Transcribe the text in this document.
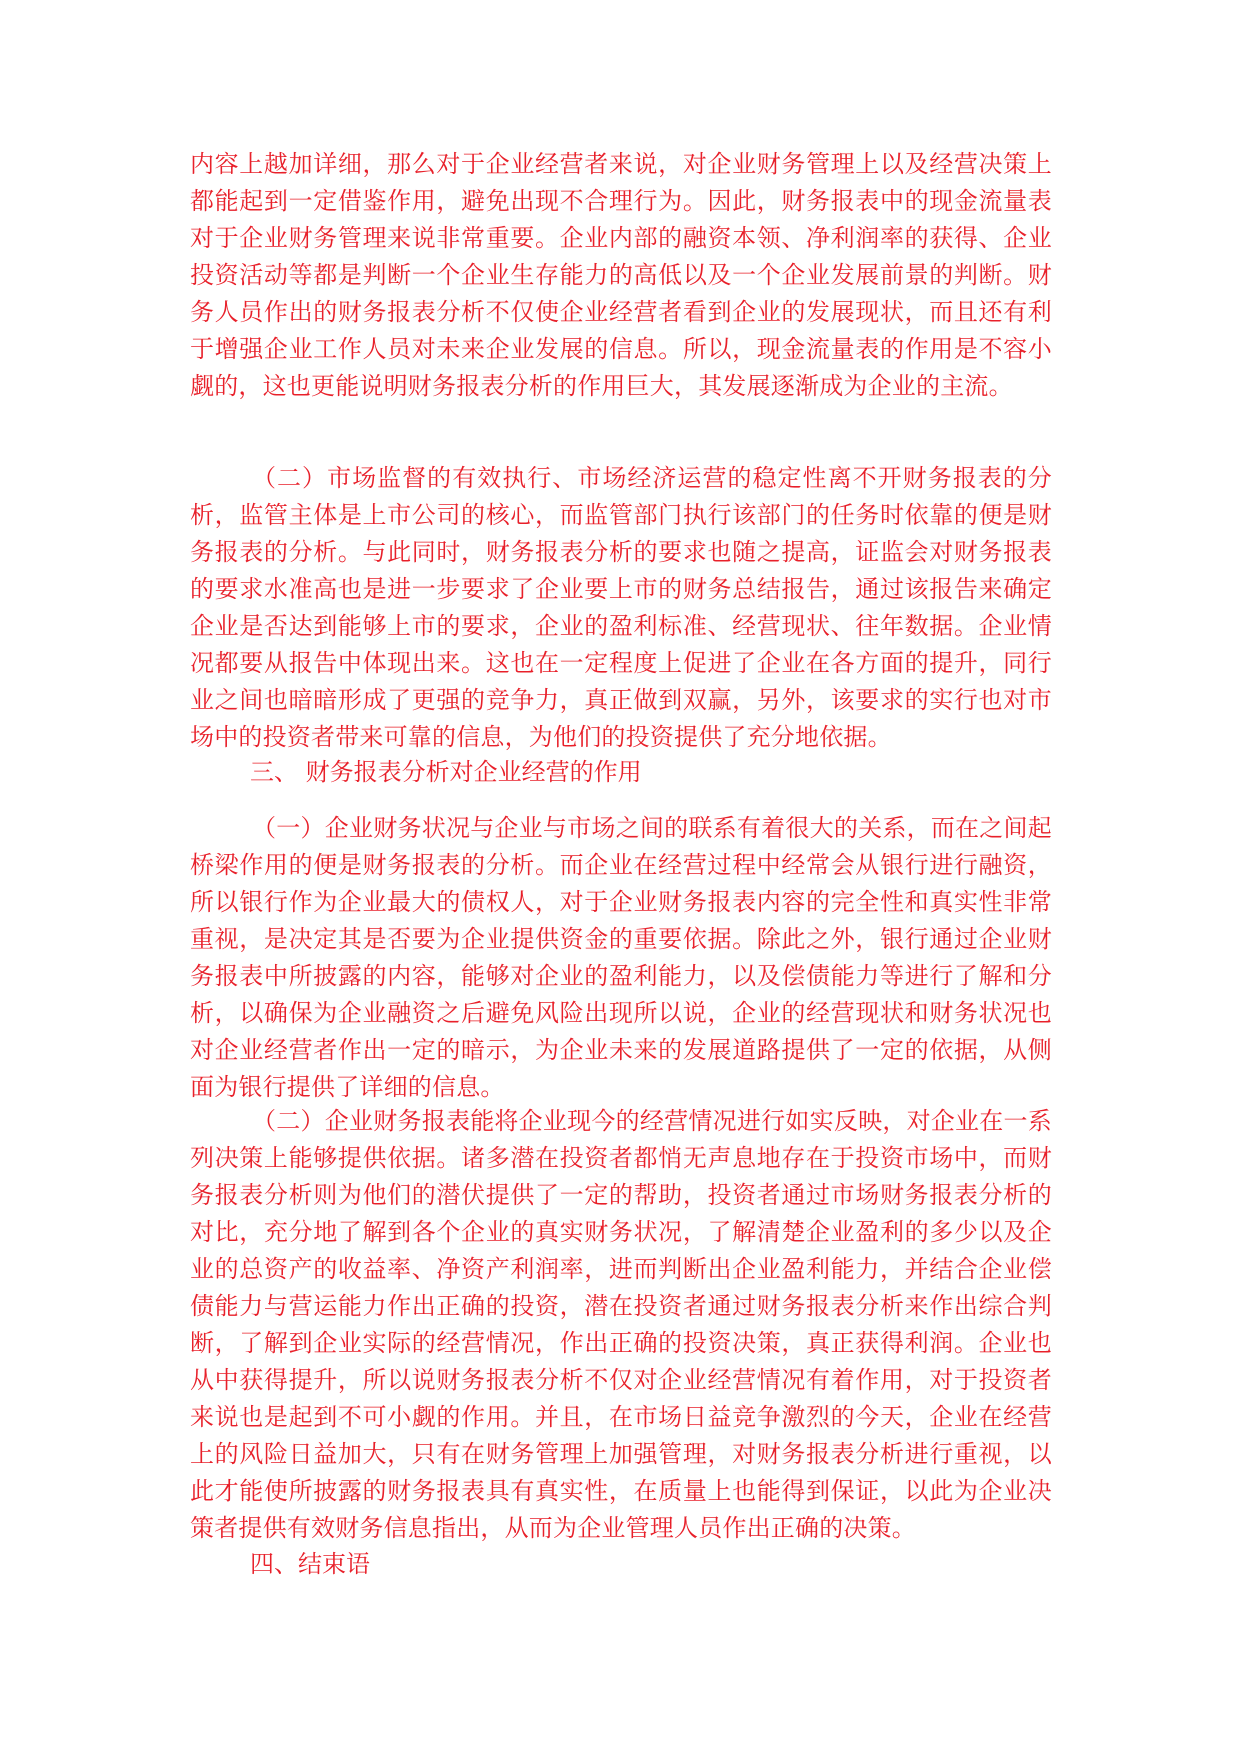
内容上越加详细，那么对于企业经营者来说，对企业财务管理上以及经营决策上都能起到一定借鉴作用，避免出现不合理行为。因此，财务报表中的现金流量表对于企业财务管理来说非常重要。企业内部的融资本领、净利润率的获得、企业投资活动等都是判断一个企业生存能力的高低以及一个企业发展前景的判断。财务人员作出的财务报表分析不仅使企业经营者看到企业的发展现状，而且还有利于增强企业工作人员对未来企业发展的信息。所以，现金流量表的作用是不容小觑的，这也更能说明财务报表分析的作用巨大，其发展逐渐成为企业的主流。

（二）市场监督的有效执行、市场经济运营的稳定性离不开财务报表的分析，监管主体是上市公司的核心，而监管部门执行该部门的任务时依靠的便是财务报表的分析。与此同时，财务报表分析的要求也随之提高，证监会对财务报表的要求水准高也是进一步要求了企业要上市的财务总结报告，通过该报告来确定企业是否达到能够上市的要求，企业的盈利标准、经营现状、往年数据。企业情况都要从报告中体现出来。这也在一定程度上促进了企业在各方面的提升，同行业之间也暗暗形成了更强的竞争力，真正做到双赢，另外，该要求的实行也对市场中的投资者带来可靠的信息，为他们的投资提供了充分地依据。

三、 财务报表分析对企业经营的作用

（一）企业财务状况与企业与市场之间的联系有着很大的关系，而在之间起桥梁作用的便是财务报表的分析。而企业在经营过程中经常会从银行进行融资，所以银行作为企业最大的债权人，对于企业财务报表内容的完全性和真实性非常重视，是决定其是否要为企业提供资金的重要依据。除此之外，银行通过企业财务报表中所披露的内容，能够对企业的盈利能力，以及偿债能力等进行了解和分析，以确保为企业融资之后避免风险出现所以说，企业的经营现状和财务状况也对企业经营者作出一定的暗示，为企业未来的发展道路提供了一定的依据，从侧面为银行提供了详细的信息。

（二）企业财务报表能将企业现今的经营情况进行如实反映，对企业在一系列决策上能够提供依据。诸多潜在投资者都悄无声息地存在于投资市场中，而财务报表分析则为他们的潜伏提供了一定的帮助，投资者通过市场财务报表分析的对比，充分地了解到各个企业的真实财务状况，了解清楚企业盈利的多少以及企业的总资产的收益率、净资产利润率，进而判断出企业盈利能力，并结合企业偿债能力与营运能力作出正确的投资，潜在投资者通过财务报表分析来作出综合判断，了解到企业实际的经营情况，作出正确的投资决策，真正获得利润。企业也从中获得提升，所以说财务报表分析不仅对企业经营情况有着作用，对于投资者来说也是起到不可小觑的作用。并且，在市场日益竞争激烈的今天，企业在经营上的风险日益加大，只有在财务管理上加强管理，对财务报表分析进行重视，以此才能使所披露的财务报表具有真实性，在质量上也能得到保证，以此为企业决策者提供有效财务信息指出，从而为企业管理人员作出正确的决策。

四、结束语
